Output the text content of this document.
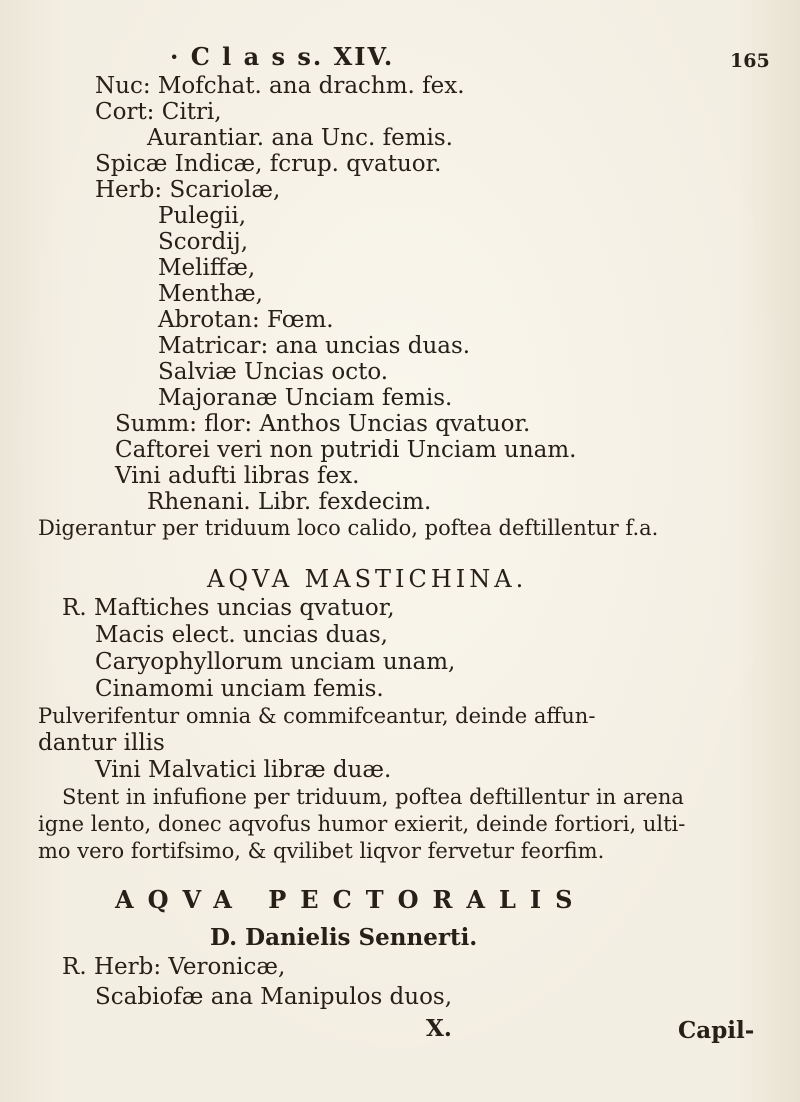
· C l a s s. XIV.	165
Nuc: Mofchat. ana drachm. fex.
Cort: Citri,
Aurantiar. ana Unc. femis.
Spicæ Indicæ, fcrup. qvatuor.
Herb: Scariolæ,
Pulegii,
Scordij,
Meliffæ,
Menthæ,
Abrotan: Fœm.
Matricar: ana uncias duas.
Salviæ Uncias octo.
Majoranæ Unciam femis.
Summ: flor: Anthos Uncias qvatuor.
Caftorei veri non putridi Unciam unam.
Vini adufti libras fex.
Rhenani. Libr. fexdecim.
Digerantur per triduum loco calido, poftea deftillentur f.a.
AQVA MASTICHINA.
R. Maftiches uncias qvatuor,
Macis elect. uncias duas,
Caryophyllorum unciam unam,
Cinamomi unciam femis.
Pulverifentur omnia & commifceantur, deinde affun-
dantur illis
Vini Malvatici libræ duæ.
Stent in infufione per triduum, poftea deftillentur in arena
igne lento, donec aqvofus humor exierit, deinde fortiori, ulti-
mo vero fortifsimo, & qvilibet liqvor fervetur feorfim.
AQVA PECTORALIS
D. Danielis Sennerti.
R. Herb: Veronicæ,
Scabiofæ ana Manipulos duos,
X.	Capil-
